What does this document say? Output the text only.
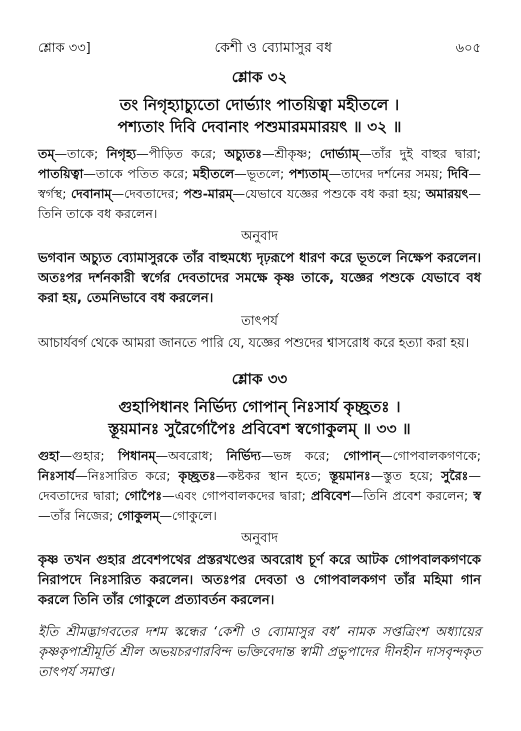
শ্লোক ৩৩]	কেশী ও ব্যোমাসুর বধ	৬০৫

শ্লোক ৩২

তং নিগৃহ্যাচ্যুতো দোর্ভ্যাং পাতয়িত্বা মহীতলে ।

পশ্যতাং দিবি দেবানাং পশুমারমমারয়ৎ ॥ ৩২ ॥

তম্—তাকে; নিগৃহ্য—পীড়িত করে; অচ্যুতঃ—শ্রীকৃষ্ণ; দোর্ভ্যাম্—তাঁর দুই বাহুর দ্বারা; পাতয়িত্বা—তাকে পতিত করে; মহীতলে—ভূতলে; পশ্যতাম্—তাদের দর্শনের সময়; দিবি—স্বর্গস্থ; দেবানাম্—দেবতাদের; পশু-মারম্—যেভাবে যজ্ঞের পশুকে বধ করা হয়; অমারয়ৎ—তিনি তাকে বধ করলেন।

অনুবাদ

ভগবান অচ্যুত ব্যোমাসুরকে তাঁর বাহুমধ্যে দৃঢ়রূপে ধারণ করে ভূতলে নিক্ষেপ করলেন। অতঃপর দর্শনকারী স্বর্গের দেবতাদের সমক্ষে কৃষ্ণ তাকে, যজ্ঞের পশুকে যেভাবে বধ করা হয়, তেমনিভাবে বধ করলেন।

তাৎপর্য

আচার্যবর্গ থেকে আমরা জানতে পারি যে, যজ্ঞের পশুদের শ্বাসরোধ করে হত্যা করা হয়।

শ্লোক ৩৩

গুহাপিধানং নির্ভিদ্য গোপান্ নিঃসার্য কৃচ্ছ্রতঃ ।

স্তূয়মানঃ সুরৈর্গোপৈঃ প্রবিবেশ স্বগোকুলম্ ॥ ৩৩ ॥

গুহা—গুহার; পিধানম্—অবরোধ; নির্ভিদ্য—ভঙ্গ করে; গোপান্—গোপবালকগণকে; নিঃসার্য—নিঃসারিত করে; কৃচ্ছ্রতঃ—কষ্টকর স্থান হতে; স্তূয়মানঃ—স্তুত হয়ে; সুরৈঃ—দেবতাদের দ্বারা; গোপৈঃ—এবং গোপবালকদের দ্বারা; প্রবিবেশ—তিনি প্রবেশ করলেন; স্ব—তাঁর নিজের; গোকুলম্—গোকুলে।

অনুবাদ

কৃষ্ণ তখন গুহার প্রবেশপথের প্রস্তরখণ্ডের অবরোধ চূর্ণ করে আটক গোপবালকগণকে নিরাপদে নিঃসারিত করলেন। অতঃপর দেবতা ও গোপবালকগণ তাঁর মহিমা গান করলে তিনি তাঁর গোকুলে প্রত্যাবর্তন করলেন।

ইতি শ্রীমদ্ভাগবতের দশম স্কন্ধের ‘কেশী ও ব্যোমাসুর বধ’ নামক সপ্তত্রিংশ অধ্যায়ের কৃষ্ণকৃপাশ্রীমূর্তি শ্রীল অভয়চরণারবিন্দ ভক্তিবেদান্ত স্বামী প্রভুপাদের দীনহীন দাসবৃন্দকৃত তাৎপর্য সমাপ্ত।
